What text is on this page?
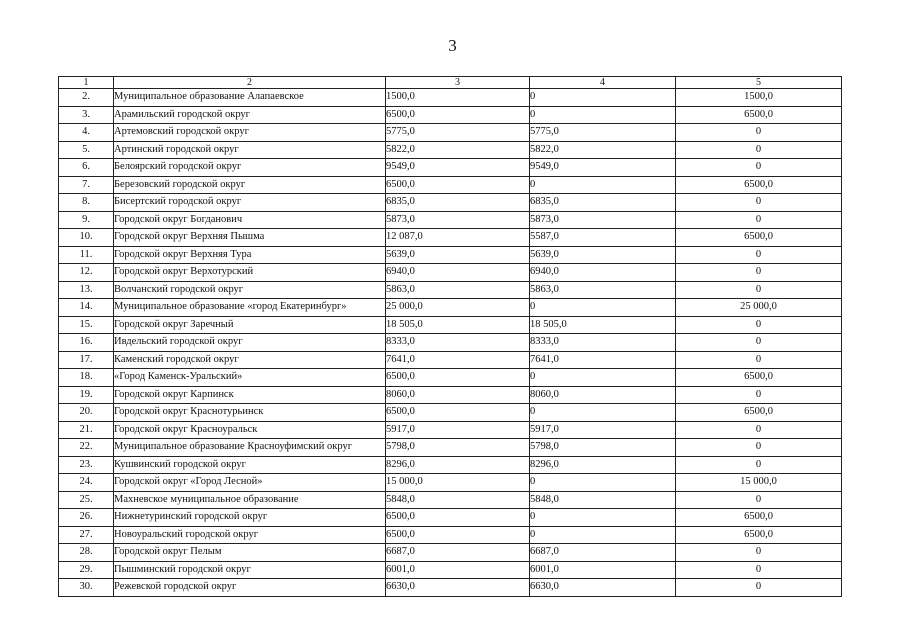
3
1	2	3	4	5
2.	Муниципальное образование Алапаевское	1500,0	0	1500,0
3.	Арамильский городской округ	6500,0	0	6500,0
4.	Артемовский городской округ	5775,0	5775,0	0
5.	Артинский городской округ	5822,0	5822,0	0
6.	Белоярский городской округ	9549,0	9549,0	0
7.	Березовский городской округ	6500,0	0	6500,0
8.	Бисертский городской округ	6835,0	6835,0	0
9.	Городской округ Богданович	5873,0	5873,0	0
10.	Городской округ Верхняя Пышма	12 087,0	5587,0	6500,0
11.	Городской округ Верхняя Тура	5639,0	5639,0	0
12.	Городской округ Верхотурский	6940,0	6940,0	0
13.	Волчанский городской округ	5863,0	5863,0	0
14.	Муниципальное образование «город Екатеринбург»	25 000,0	0	25 000,0
15.	Городской округ Заречный	18 505,0	18 505,0	0
16.	Ивдельский городской округ	8333,0	8333,0	0
17.	Каменский городской округ	7641,0	7641,0	0
18.	«Город Каменск-Уральский»	6500,0	0	6500,0
19.	Городской округ Карпинск	8060,0	8060,0	0
20.	Городской округ Краснотурьинск	6500,0	0	6500,0
21.	Городской округ Красноуральск	5917,0	5917,0	0
22.	Муниципальное образование Красноуфимский округ	5798,0	5798,0	0
23.	Кушвинский городской округ	8296,0	8296,0	0
24.	Городской округ «Город Лесной»	15 000,0	0	15 000,0
25.	Махневское муниципальное образование	5848,0	5848,0	0
26.	Нижнетуринский городской округ	6500,0	0	6500,0
27.	Новоуральский городской округ	6500,0	0	6500,0
28.	Городской округ Пелым	6687,0	6687,0	0
29.	Пышминский городской округ	6001,0	6001,0	0
30.	Режевской городской округ	6630,0	6630,0	0
